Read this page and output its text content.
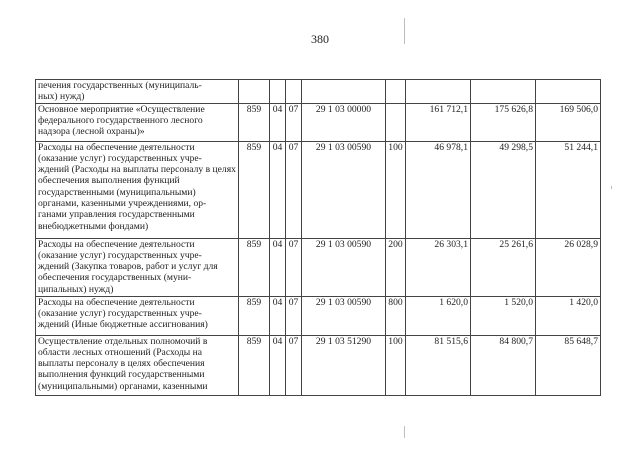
380
печения государственных (муниципаль-
ных) нужд)								
Основное мероприятие «Осуществление федерального государственного лесного надзора (лесной охраны)»	859	04	07	29 1 03 00000		161 712,1	175 626,8	169 506,0
Расходы на обеспечение деятельности (оказание услуг) государственных учре-
ждений (Расходы на выплаты персоналу в целях обеспечения выполнения функций государственными (муниципальными) органами, казенными учреждениями, ор-
ганами управления государственными внебюджетными фондами)	859	04	07	29 1 03 00590	100	46 978,1	49 298,5	51 244,1
Расходы на обеспечение деятельности (оказание услуг) государственных учре-
ждений (Закупка товаров, работ и услуг для обеспечения государственных (муни-
ципальных) нужд)	859	04	07	29 1 03 00590	200	26 303,1	25 261,6	26 028,9
Расходы на обеспечение деятельности (оказание услуг) государственных учре-
ждений (Иные бюджетные ассигнования)	859	04	07	29 1 03 00590	800	1 620,0	1 520,0	1 420,0
Осуществление отдельных полномочий в области лесных отношений (Расходы на выплаты персоналу в целях обеспечения выполнения функций государственными (муниципальными) органами, казенными	859	04	07	29 1 03 51290	100	81 515,6	84 800,7	85 648,7
